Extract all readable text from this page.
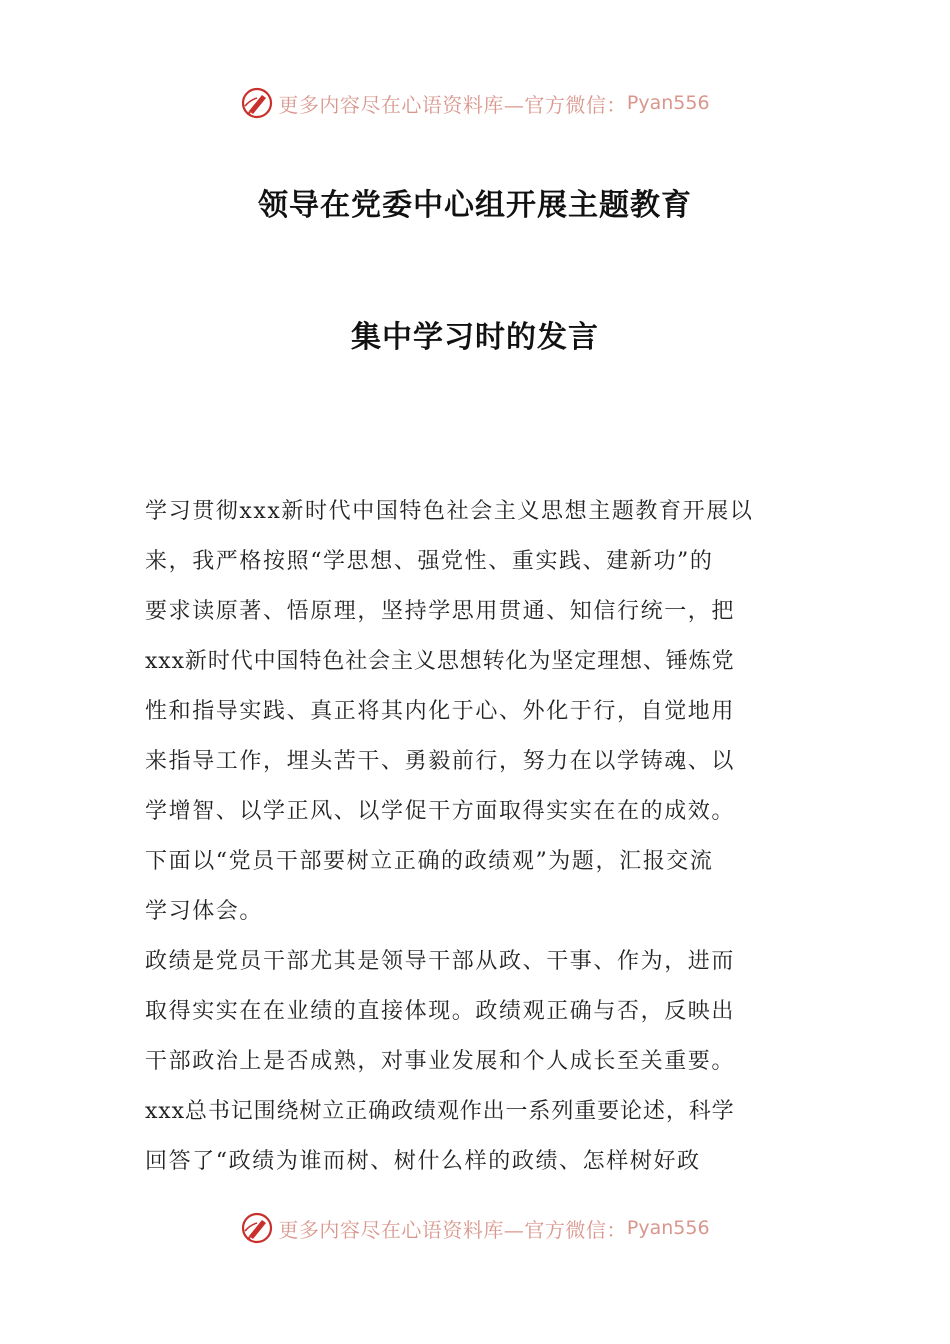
更多内容尽在心语资料库—官方微信： Pyan556
领导在党委中心组开展主题教育
集中学习时的发言

学习贯彻xxx新时代中国特色社会主义思想主题教育开展以
来，我严格按照“学思想、强党性、重实践、建新功”的
要求读原著、悟原理，坚持学思用贯通、知信行统一，把
xxx新时代中国特色社会主义思想转化为坚定理想、锤炼党
性和指导实践、真正将其内化于心、外化于行，自觉地用
来指导工作，埋头苦干、勇毅前行，努力在以学铸魂、以
学增智、以学正风、以学促干方面取得实实在在的成效。
下面以“党员干部要树立正确的政绩观”为题，汇报交流
学习体会。

政绩是党员干部尤其是领导干部从政、干事、作为，进而
取得实实在在业绩的直接体现。政绩观正确与否，反映出
干部政治上是否成熟，对事业发展和个人成长至关重要。
xxx总书记围绕树立正确政绩观作出一系列重要论述，科学
回答了“政绩为谁而树、树什么样的政绩、怎样树好政

更多内容尽在心语资料库—官方微信： Pyan556
